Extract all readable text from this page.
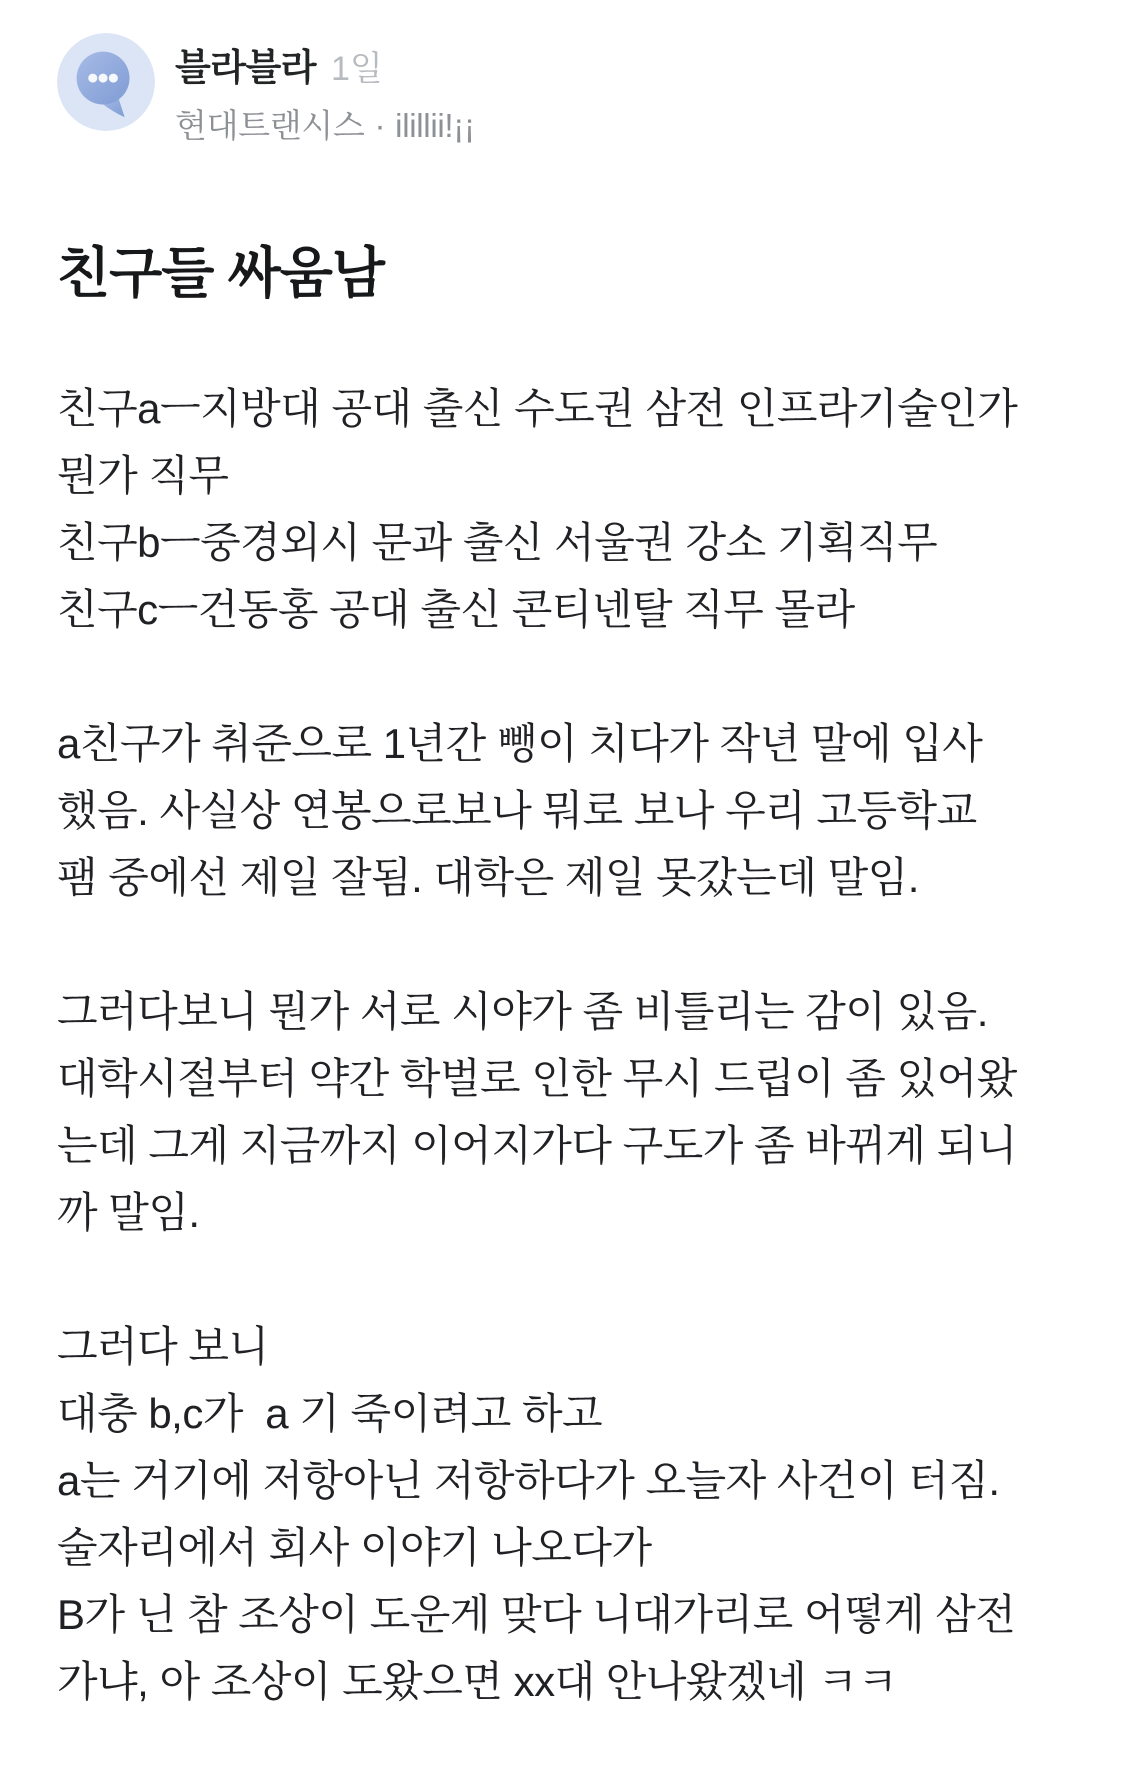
블라블라 1일
현대트랜시스 · ilillii!¡¡
친구들 싸움남

친구aㅡ지방대 공대 출신 수도권 삼전 인프라기술인가
뭔가 직무
친구bㅡ중경외시 문과 출신 서울권 강소 기획직무
친구cㅡ건동홍 공대 출신 콘티넨탈 직무 몰라

a친구가 취준으로 1년간 뺑이 치다가 작년 말에 입사
했음. 사실상 연봉으로보나 뭐로 보나 우리 고등학교
팸 중에선 제일 잘됨. 대학은 제일 못갔는데 말임.

그러다보니 뭔가 서로 시야가 좀 비틀리는 감이 있음.
대학시절부터 약간 학벌로 인한 무시 드립이 좀 있어왔
는데 그게 지금까지 이어지가다 구도가 좀 바뀌게 되니
까 말임.

그러다 보니
대충 b,c가  a 기 죽이려고 하고
a는 거기에 저항아닌 저항하다가 오늘자 사건이 터짐.
술자리에서 회사 이야기 나오다가
B가 닌 참 조상이 도운게 맞다 니대가리로 어떻게 삼전
가냐, 아 조상이 도왔으면 xx대 안나왔겠네 ㅋㅋ
